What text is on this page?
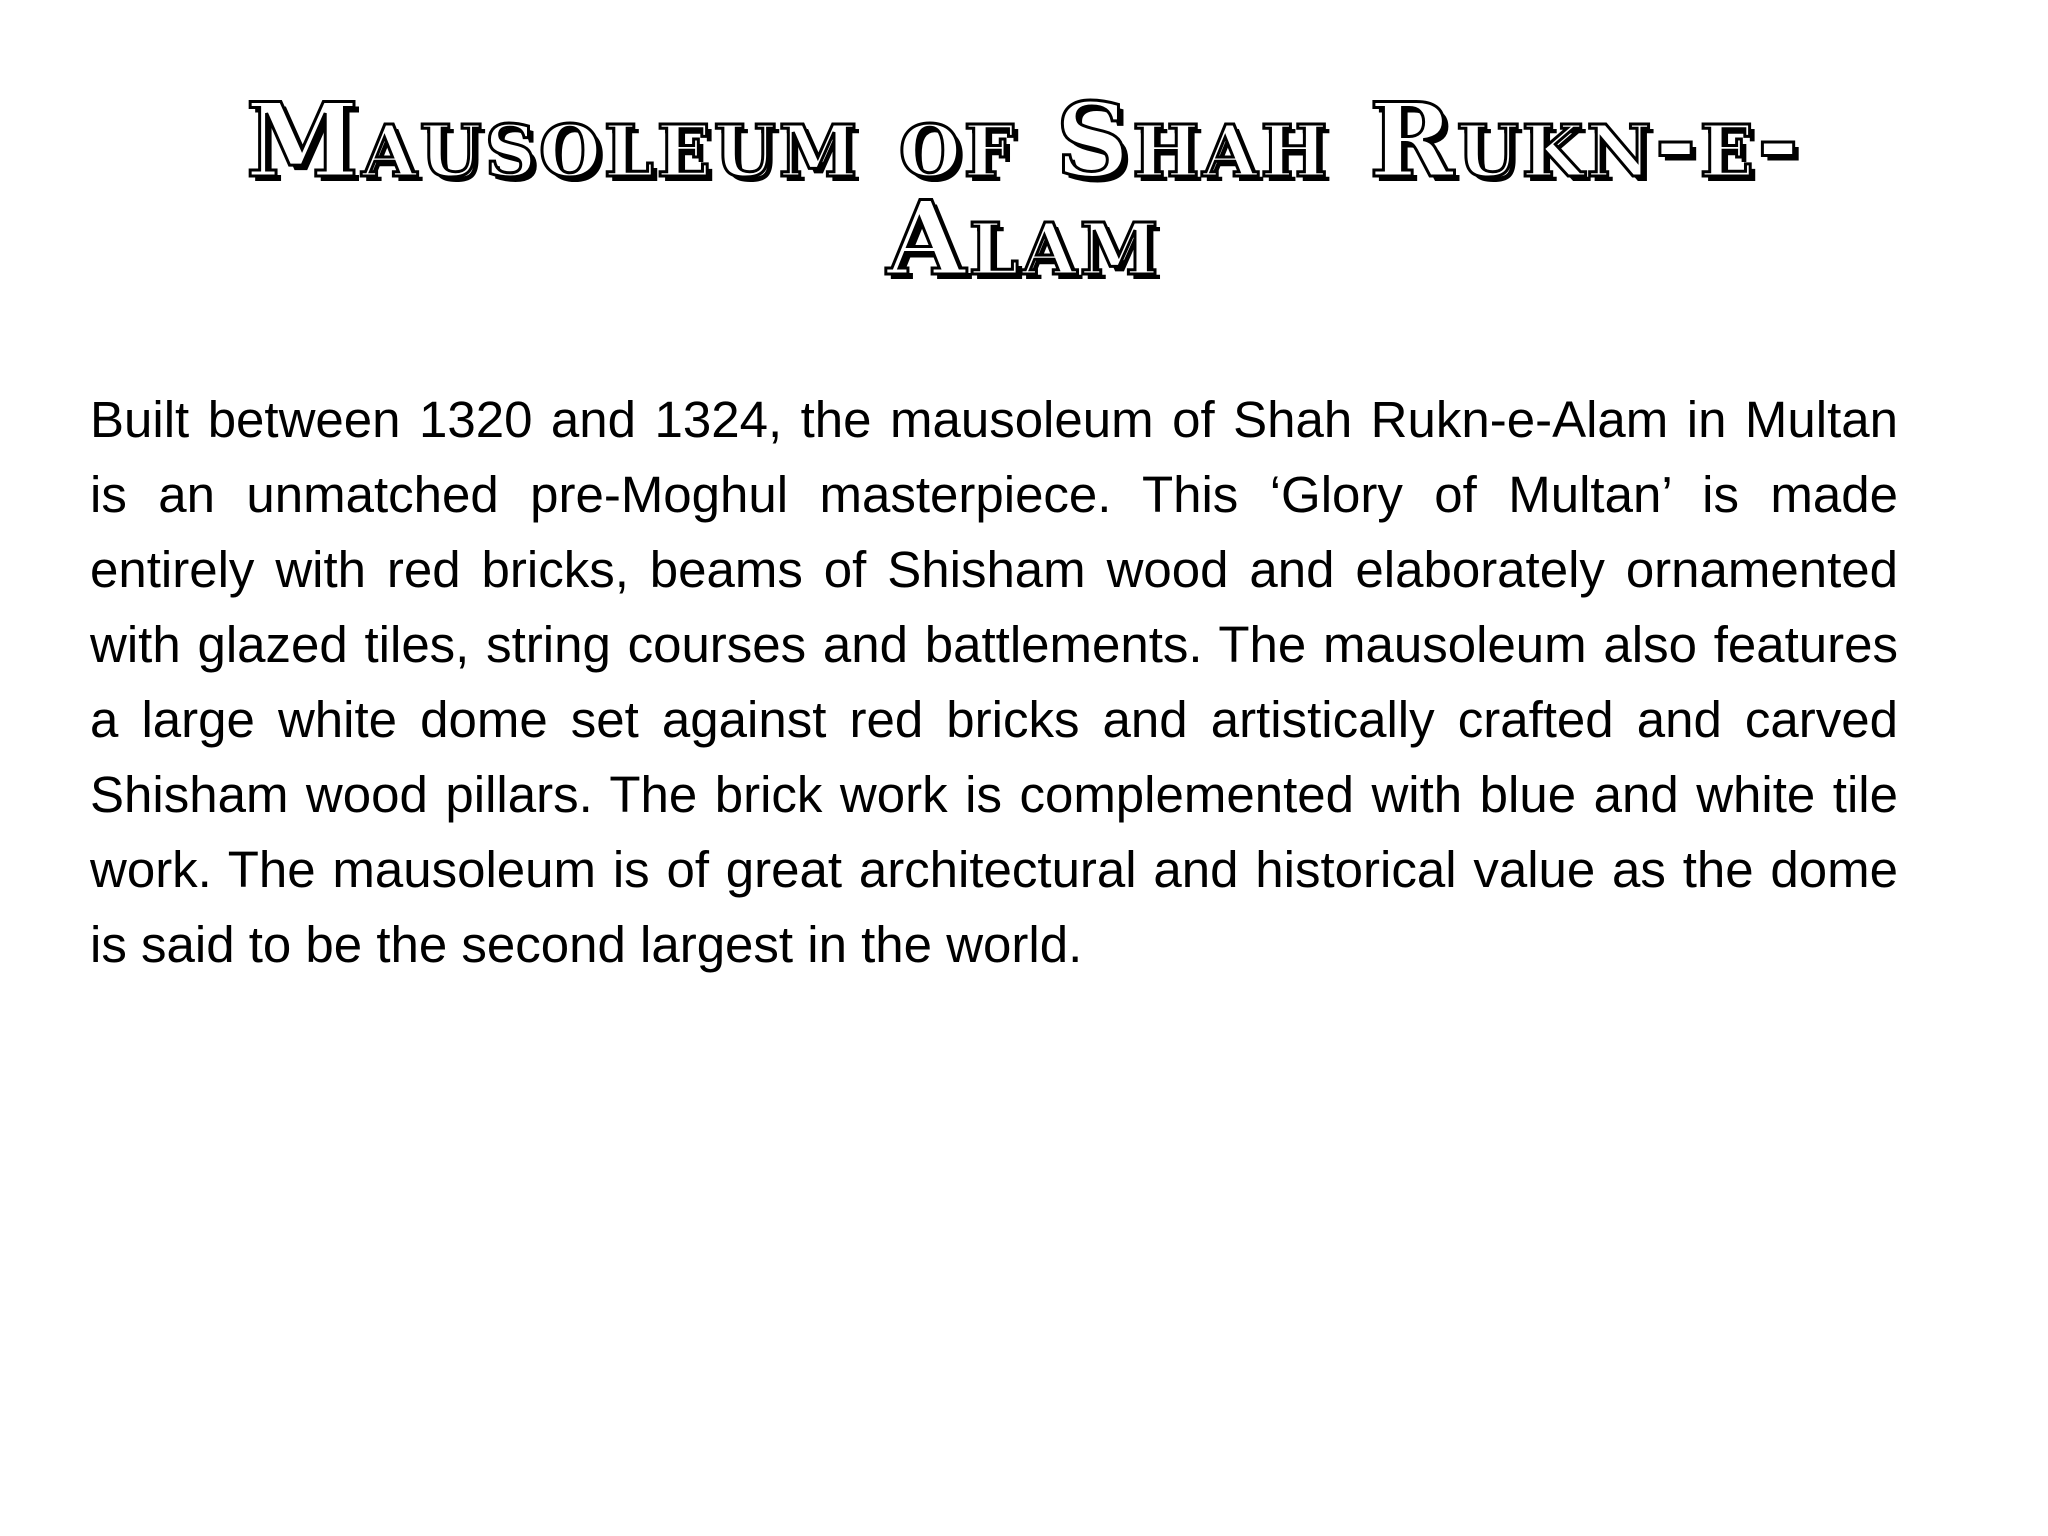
Mausoleum of Shah Rukn-e-Alam

Built between 1320 and 1324, the mausoleum of Shah Rukn-e-Alam in Multan is an unmatched pre-Moghul masterpiece. This ‘Glory of Multan’ is made entirely with red bricks, beams of Shisham wood and elaborately ornamented with glazed tiles, string courses and battlements. The mausoleum also features a large white dome set against red bricks and artistically crafted and carved Shisham wood pillars. The brick work is complemented with blue and white tile work. The mausoleum is of great architectural and historical value as the dome is said to be the second largest in the world.
